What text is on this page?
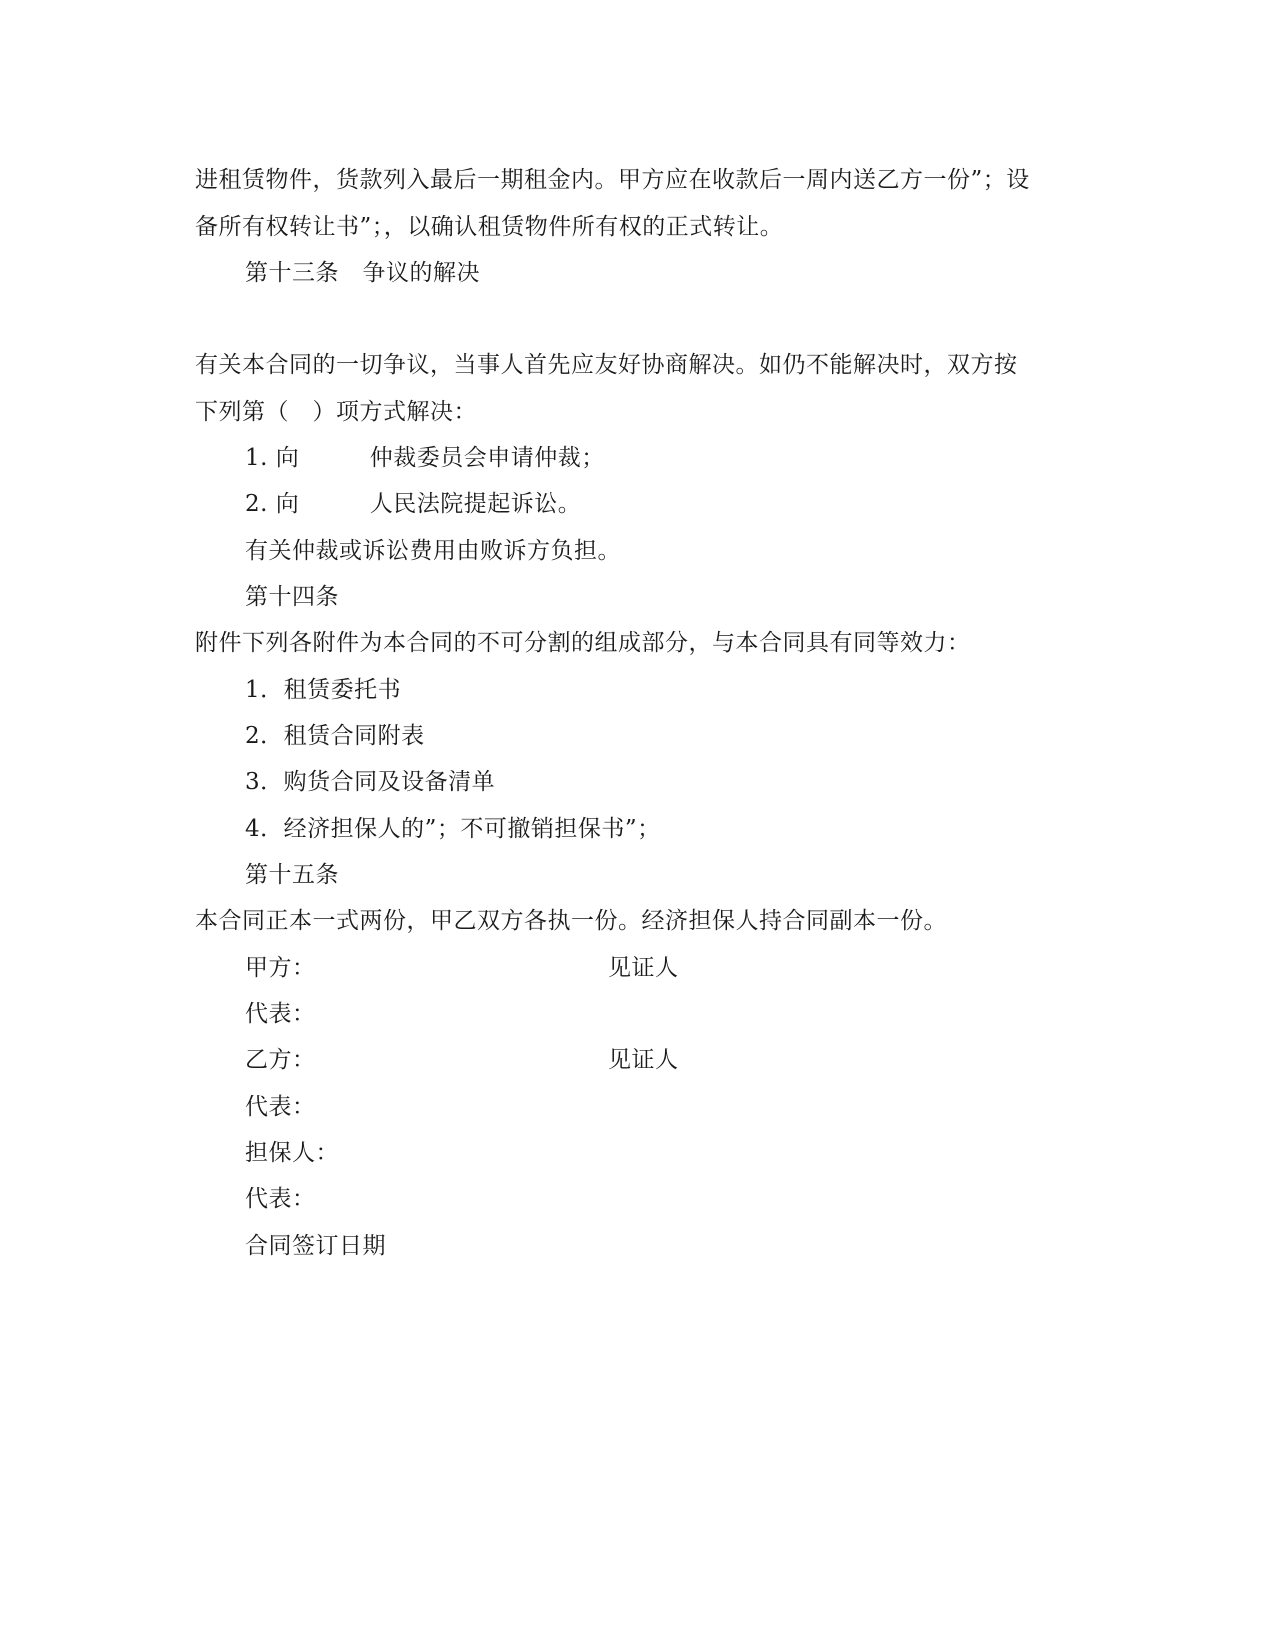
进租赁物件，货款列入最后一期租金内。甲方应在收款后一周内送乙方一份”；设
备所有权转让书”；，以确认租赁物件所有权的正式转让。
第十三条　争议的解决
有关本合同的一切争议，当事人首先应友好协商解决。如仍不能解决时，双方按
下列第（　）项方式解决：
1. 向　　　仲裁委员会申请仲裁；
2. 向　　　人民法院提起诉讼。
有关仲裁或诉讼费用由败诉方负担。
第十四条
附件下列各附件为本合同的不可分割的组成部分，与本合同具有同等效力：
1．租赁委托书
2．租赁合同附表
3．购货合同及设备清单
4．经济担保人的”；不可撤销担保书”；
第十五条
本合同正本一式两份，甲乙双方各执一份。经济担保人持合同副本一份。
甲方：	见证人
代表：
乙方：	见证人
代表：
担保人：
代表：
合同签订日期
